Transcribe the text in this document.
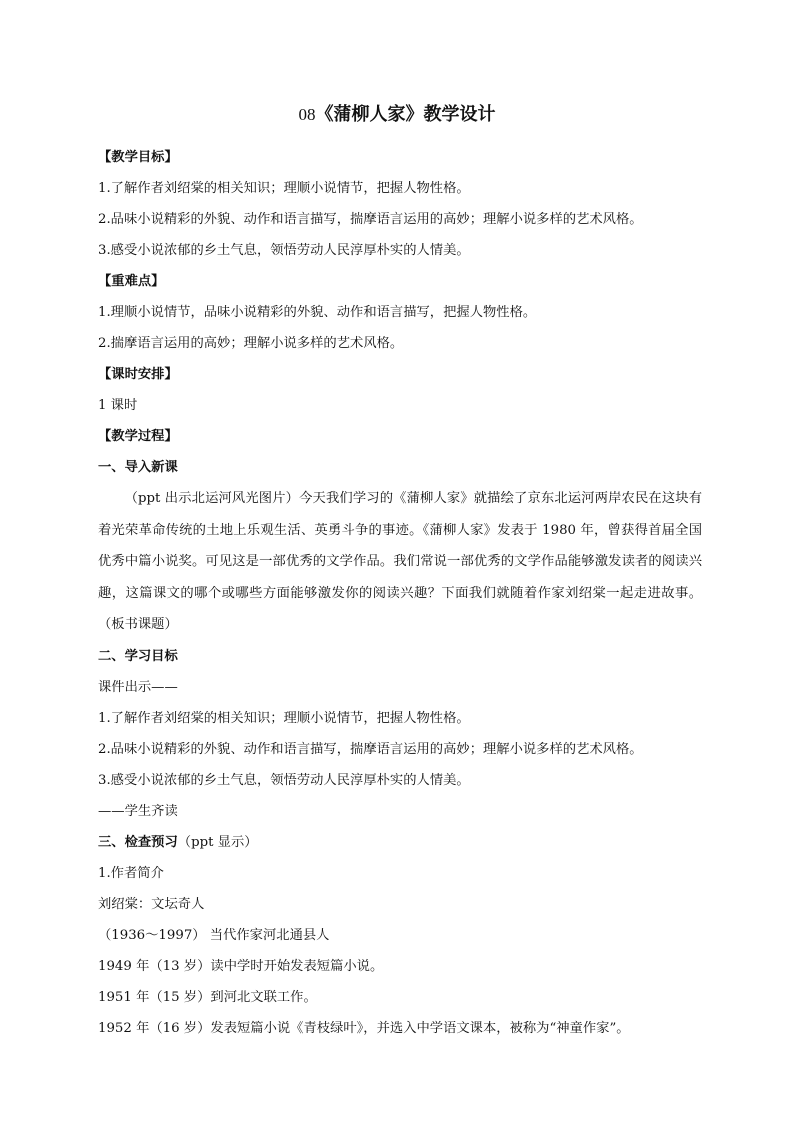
08《蒲柳人家》教学设计
【教学目标】
1.了解作者刘绍棠的相关知识；理顺小说情节，把握人物性格。
2.品味小说精彩的外貌、动作和语言描写，揣摩语言运用的高妙；理解小说多样的艺术风格。
3.感受小说浓郁的乡土气息，领悟劳动人民淳厚朴实的人情美。
【重难点】
1.理顺小说情节，品味小说精彩的外貌、动作和语言描写，把握人物性格。
2.揣摩语言运用的高妙；理解小说多样的艺术风格。
【课时安排】
1 课时
【教学过程】
一、导入新课
（ppt 出示北运河风光图片）今天我们学习的《蒲柳人家》就描绘了京东北运河两岸农民在这块有着光荣革命传统的土地上乐观生活、英勇斗争的事迹。《蒲柳人家》发表于 1980 年，曾获得首届全国优秀中篇小说奖。可见这是一部优秀的文学作品。我们常说一部优秀的文学作品能够激发读者的阅读兴趣，这篇课文的哪个或哪些方面能够激发你的阅读兴趣？下面我们就随着作家刘绍棠一起走进故事。（板书课题）
二、学习目标
课件出示——
1.了解作者刘绍棠的相关知识；理顺小说情节，把握人物性格。
2.品味小说精彩的外貌、动作和语言描写，揣摩语言运用的高妙；理解小说多样的艺术风格。
3.感受小说浓郁的乡土气息，领悟劳动人民淳厚朴实的人情美。
——学生齐读
三、检查预习（ppt 显示）
1.作者简介
刘绍棠：文坛奇人
（1936～1997） 当代作家河北通县人
1949 年（13 岁）读中学时开始发表短篇小说。
1951 年（15 岁）到河北文联工作。
1952 年（16 岁）发表短篇小说《青枝绿叶》，并选入中学语文课本，被称为“神童作家”。
